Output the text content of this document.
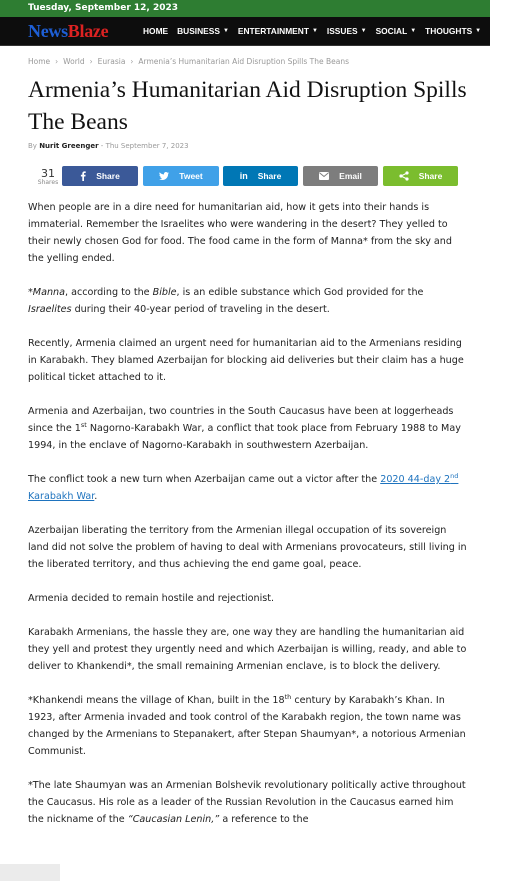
Tuesday, September 12, 2023
NewsBlaze	HOME BUSINESS ▼ ENTERTAINMENT ▼ ISSUES ▼ SOCIAL ▼ THOUGHTS ▼ USA
Home › World › Eurasia › Armenia’s Humanitarian Aid Disruption Spills The Beans
Armenia’s Humanitarian Aid Disruption Spills The Beans
By Nurit Greenger - Thu September 7, 2023
31
Shares
Share	Tweet	in Share	Email	Share

When people are in a dire need for humanitarian aid, how it gets into their hands is immaterial. Remember the Israelites who were wandering in the desert? They yelled to their newly chosen God for food. The food came in the form of Manna* from the sky and the yelling ended.

*Manna, according to the Bible, is an edible substance which God provided for the Israelites during their 40-year period of traveling in the desert.

Recently, Armenia claimed an urgent need for humanitarian aid to the Armenians residing in Karabakh. They blamed Azerbaijan for blocking aid deliveries but their claim has a huge political ticket attached to it.

Armenia and Azerbaijan, two countries in the South Caucasus have been at loggerheads since the 1st Nagorno-Karabakh War, a conflict that took place from February 1988 to May 1994, in the enclave of Nagorno-Karabakh in southwestern Azerbaijan.

The conflict took a new turn when Azerbaijan came out a victor after the 2020 44-day 2nd Karabakh War.

Azerbaijan liberating the territory from the Armenian illegal occupation of its sovereign land did not solve the problem of having to deal with Armenians provocateurs, still living in the liberated territory, and thus achieving the end game goal, peace.

Armenia decided to remain hostile and rejectionist.

Karabakh Armenians, the hassle they are, one way they are handling the humanitarian aid they yell and protest they urgently need and which Azerbaijan is willing, ready, and able to deliver to Khankendi*, the small remaining Armenian enclave, is to block the delivery.

*Khankendi means the village of Khan, built in the 18th century by Karabakh’s Khan. In 1923, after Armenia invaded and took control of the Karabakh region, the town name was changed by the Armenians to Stepanakert, after Stepan Shaumyan*, a notorious Armenian Communist.

*The late Shaumyan was an Armenian Bolshevik revolutionary politically active throughout the Caucasus. His role as a leader of the Russian Revolution in the Caucasus earned him the nickname of the “Caucasian Lenin,” a reference to the
